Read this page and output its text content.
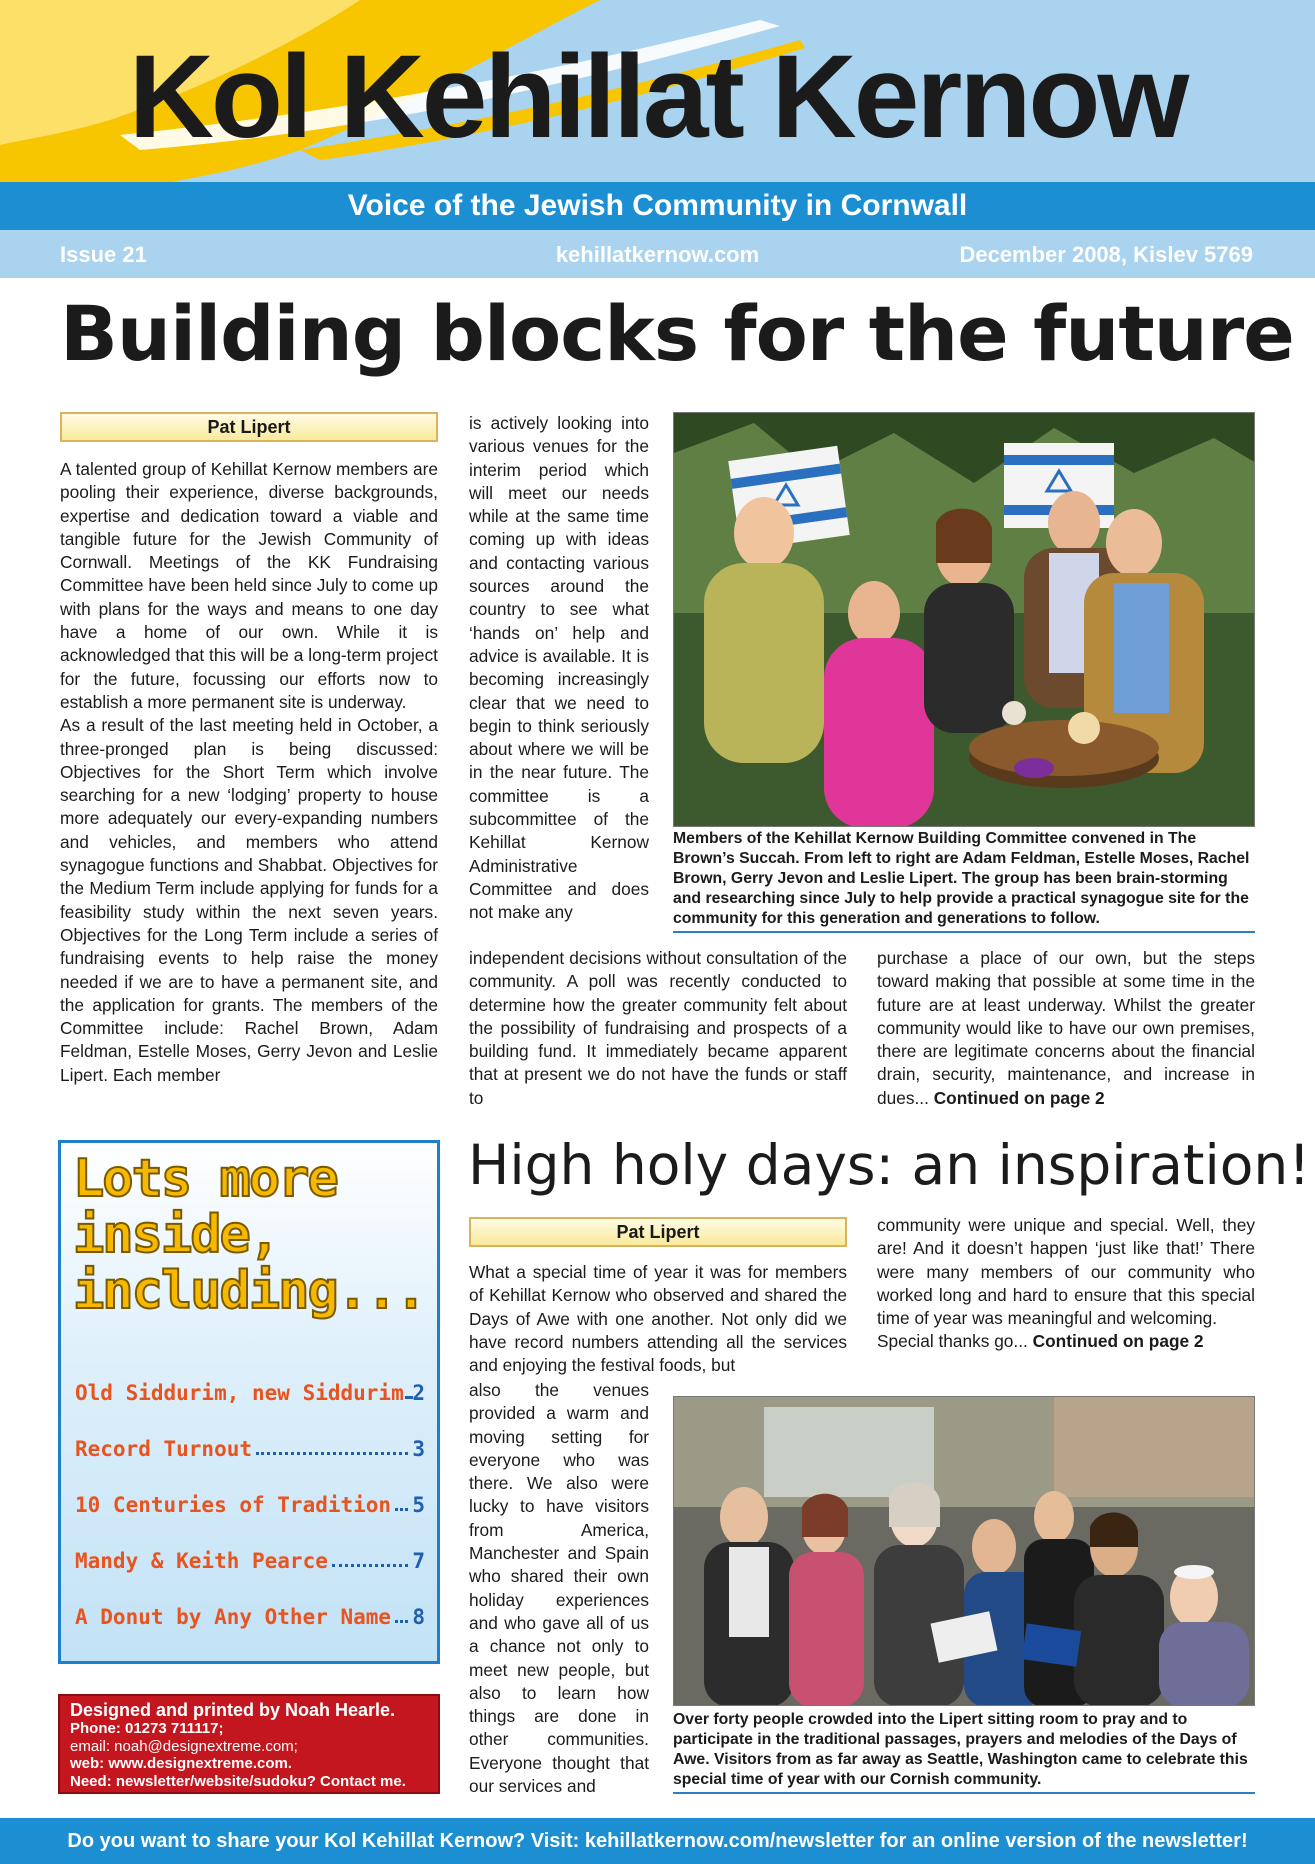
Kol Kehillat Kernow
Voice of the Jewish Community in Cornwall
kehillatkernow.com
Issue 21	December 2008, Kislev 5769
Building blocks for the future
Pat Lipert

A talented group of Kehillat Kernow members are pooling their experience, diverse backgrounds, expertise and dedication toward a viable and tangible future for the Jewish Community of Cornwall. Meetings of the KK Fundraising Committee have been held since July to come up with plans for the ways and means to one day have a home of our own. While it is acknowledged that this will be a long-term project for the future, focussing our efforts now to establish a more permanent site is underway.

As a result of the last meeting held in October, a three-pronged plan is being discussed: Objectives for the Short Term which involve searching for a new ‘lodging’ property to house more adequately our every-expanding numbers and vehicles, and members who attend synagogue functions and Shabbat. Objectives for the Medium Term include applying for funds for a feasibility study within the next seven years. Objectives for the Long Term include a series of fundraising events to help raise the money needed if we are to have a permanent site, and the application for grants. The members of the Committee include: Rachel Brown, Adam Feldman, Estelle Moses, Gerry Jevon and Leslie Lipert. Each member

is actively looking into various venues for the interim period which will meet our needs while at the same time coming up with ideas and contacting various sources around the country to see what ‘hands on’ help and advice is available. It is becoming increasingly clear that we need to begin to think seriously about where we will be in the near future. The committee is a subcommittee of the Kehillat Kernow Administrative Committee and does not make any

independent decisions without consultation of the community. A poll was recently conducted to determine how the greater community felt about the possibility of fundraising and prospects of a building fund. It immediately became apparent that at present we do not have the funds or staff to

purchase a place of our own, but the steps toward making that possible at some time in the future are at least underway. Whilst the greater community would like to have our own premises, there are legitimate concerns about the financial drain, security, maintenance, and increase in dues... Continued on page 2

Members of the Kehillat Kernow Building Committee convened in The Brown’s Succah. From left to right are Adam Feldman, Estelle Moses, Rachel Brown, Gerry Jevon and Leslie Lipert. The group has been brain-storming and researching since July to help provide a practical synagogue site for the community for this generation and generations to follow.
Lots more
inside,
including...
Old Siddurim, new Siddurim 2
Record Turnout	3
10 Centuries of Tradition 5
Mandy & Keith Pearce	7
A Donut by Any Other Name 8
High holy days: an inspiration!
Pat Lipert

What a special time of year it was for members of Kehillat Kernow who observed and shared the Days of Awe with one another. Not only did we have record numbers attending all the services and enjoying the festival foods, but

also the venues provided a warm and moving setting for everyone who was there. We also were lucky to have visitors from America, Manchester and Spain who shared their own holiday experiences and who gave all of us a chance not only to meet new people, but also to learn how things are done in other communities. Everyone thought that our services and

community were unique and special. Well, they are! And it doesn’t happen ‘just like that!’ There were many members of our community who worked long and hard to ensure that this special time of year was meaningful and welcoming.

Special thanks go... Continued on page 2

Over forty people crowded into the Lipert sitting room to pray and to participate in the traditional passages, prayers and melodies of the Days of Awe. Visitors from as far away as Seattle, Washington came to celebrate this special time of year with our Cornish community.
Designed and printed by Noah Hearle.
Phone: 01273 711117;
email: noah@designextreme.com;
web: www.designextreme.com.
Need: newsletter/website/sudoku? Contact me.
Do you want to share your Kol Kehillat Kernow? Visit: kehillatkernow.com/newsletter for an online version of the newsletter!
